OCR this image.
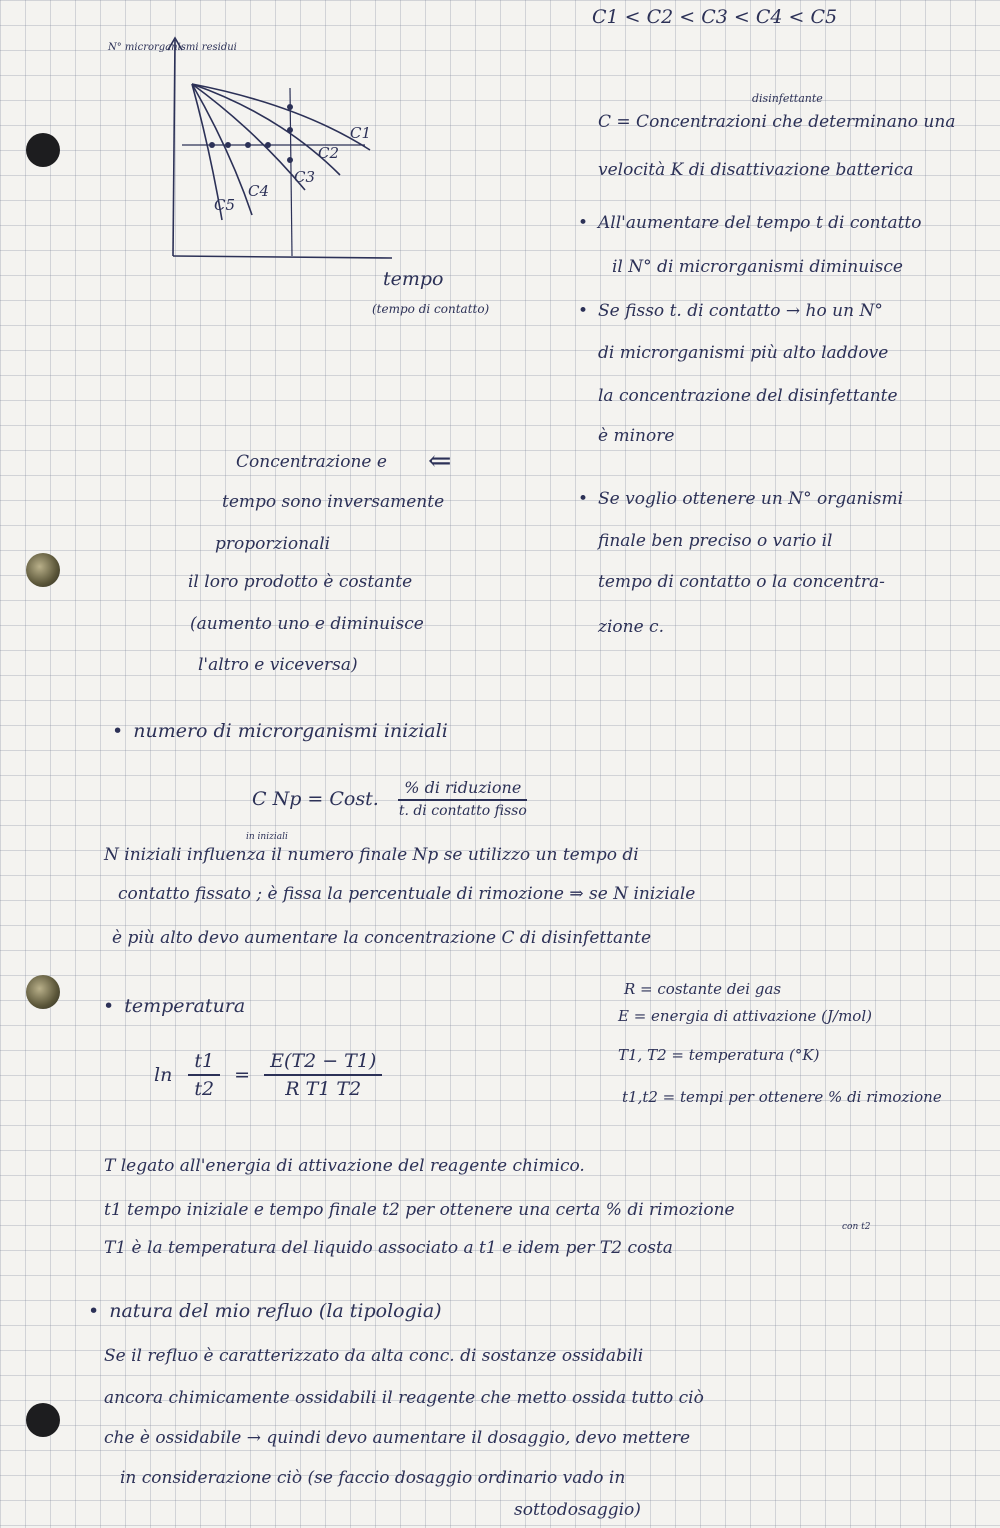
N° microrganismi residui
C1
C2
C3
C4
C5
tempo
(tempo di contatto)
C1 < C2 < C3 < C4 < C5
disinfettante
C = Concentrazioni che determinano una
velocità K di disattivazione batterica
• All'aumentare del tempo t di contatto
il N° di microrganismi diminuisce
• Se fisso t. di contatto → ho un N°
di microrganismi più alto laddove
la concentrazione del disinfettante
è minore
• Se voglio ottenere un N° organismi
finale ben preciso o vario il
tempo di contatto o la concentra-
zione c.
Concentrazione e ⇐
tempo sono inversamente
proporzionali
il loro prodotto è costante
(aumento uno e diminuisce
l'altro e viceversa)
• numero di microrganismi iniziali
C Np = Cost. $\frac{\text{\% di riduzione}}{\text{t. di contatto fisso}}$
in iniziali
N iniziali influenza il numero finale Np se utilizzo un tempo di
contatto fissato ; è fissa la percentuale di rimozione ⇒ se N iniziale
è più alto devo aumentare la concentrazione C di disinfettante
• temperatura
$\ln \frac{t1}{t2} = \frac{E(T2 - T1)}{\text{R T1 T2}}$
R = costante dei gas
E = energia di attivazione (J/mol)
T1, T2 = temperatura (°K)
t1,t2 = tempi per ottenere % di rimozione
T legato all'energia di attivazione del reagente chimico.
t1 tempo iniziale e tempo finale t2 per ottenere una certa % di rimozione
con t2
T1 è la temperatura del liquido associato a t1 e idem per T2 costa
• natura del mio refluo (la tipologia)
Se il refluo è caratterizzato da alta conc. di sostanze ossidabili
ancora chimicamente ossidabili il reagente che metto ossida tutto ciò
che è ossidabile → quindi devo aumentare il dosaggio, devo mettere
in considerazione ciò (se faccio dosaggio ordinario vado in
sottodosaggio)
